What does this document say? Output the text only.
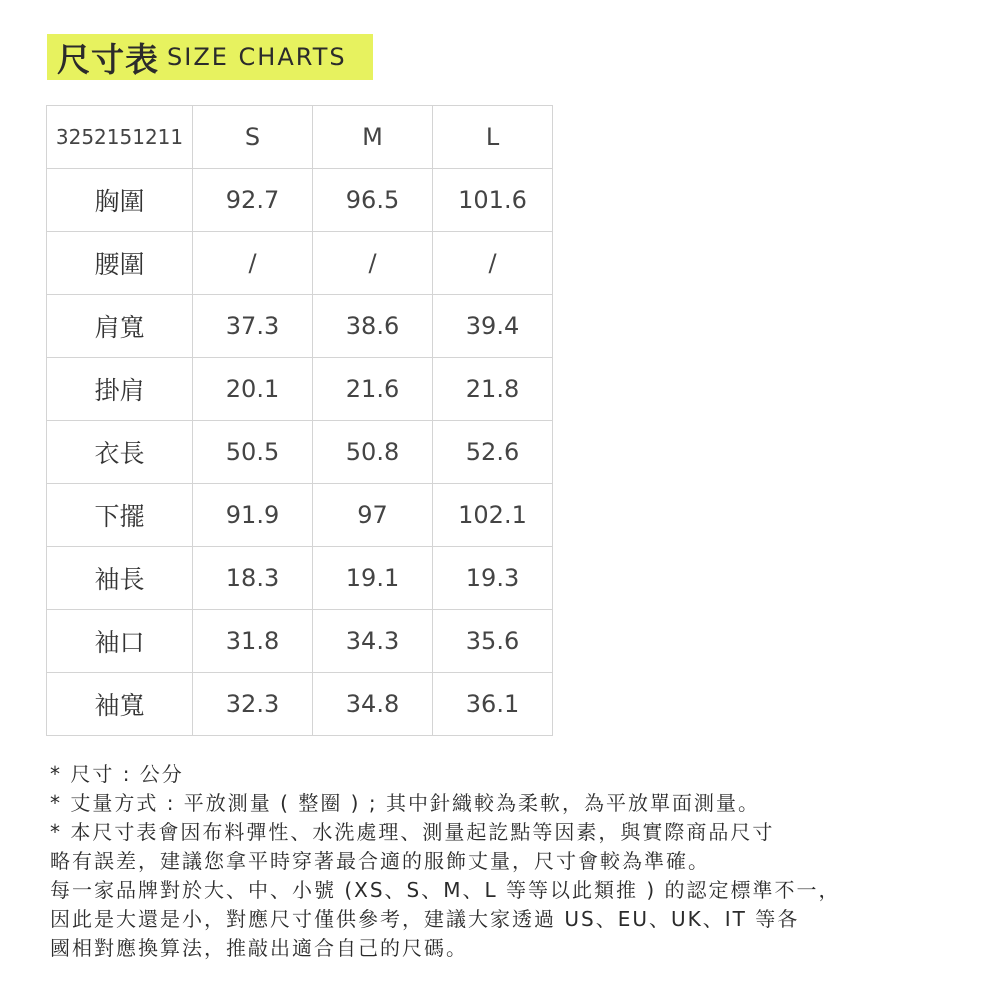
尺寸表 SIZE CHARTS
3252151211	S	M	L
胸圍	92.7	96.5	101.6
腰圍	/	/	/
肩寬	37.3	38.6	39.4
掛肩	20.1	21.6	21.8
衣長	50.5	50.8	52.6
下擺	91.9	97	102.1
袖長	18.3	19.1	19.3
袖口	31.8	34.3	35.6
袖寬	32.3	34.8	36.1
* 尺寸 : 公分
* 丈量方式 : 平放測量 ( 整圈 ) ; 其中針織較為柔軟，為平放單面測量。
* 本尺寸表會因布料彈性、水洗處理、測量起訖點等因素，與實際商品尺寸
略有誤差，建議您拿平時穿著最合適的服飾丈量，尺寸會較為準確。
每一家品牌對於大、中、小號 (XS、S、M、L 等等以此類推 ) 的認定標準不一，
因此是大還是小，對應尺寸僅供參考，建議大家透過 US、EU、UK、IT 等各
國相對應換算法，推敲出適合自己的尺碼。
